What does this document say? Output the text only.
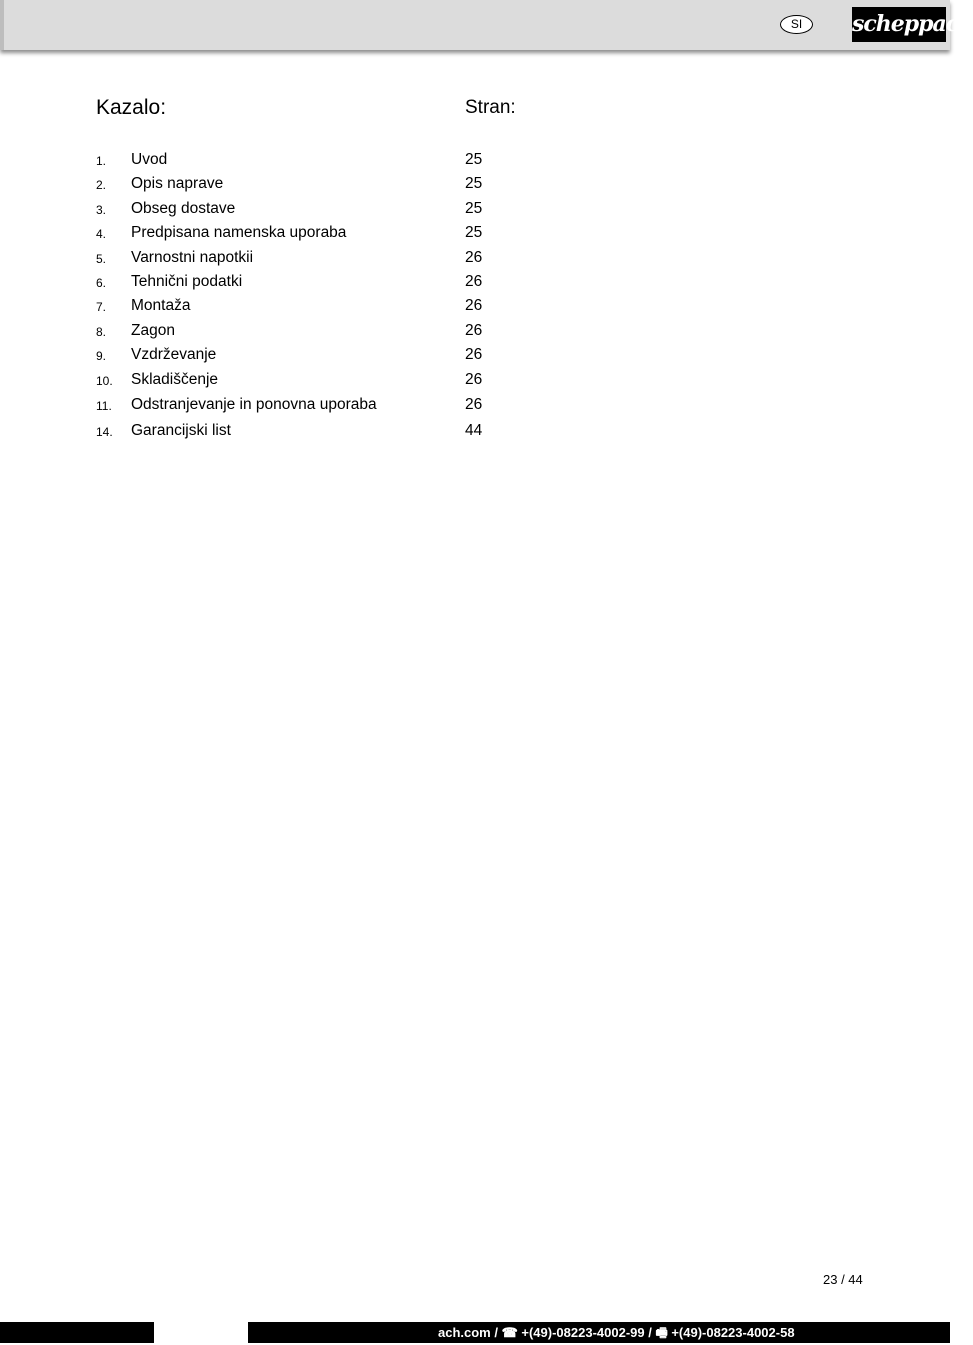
SI	scheppach
Kazalo:	Stran:
1. Uvod	25
2. Opis naprave	25
3. Obseg dostave	25
4. Predpisana namenska uporaba	25
5. Varnostni napotkii	26
6. Tehnični podatki	26
7. Montaža	26
8. Zagon	26
9. Vzdrževanje	26
10. Skladiščenje	26
11. Odstranjevanje in ponovna uporaba	26
14. Garancijski list	44
23 / 44
ach.com / ☎ +(49)-08223-4002-99 / 🖷 +(49)-08223-4002-58
